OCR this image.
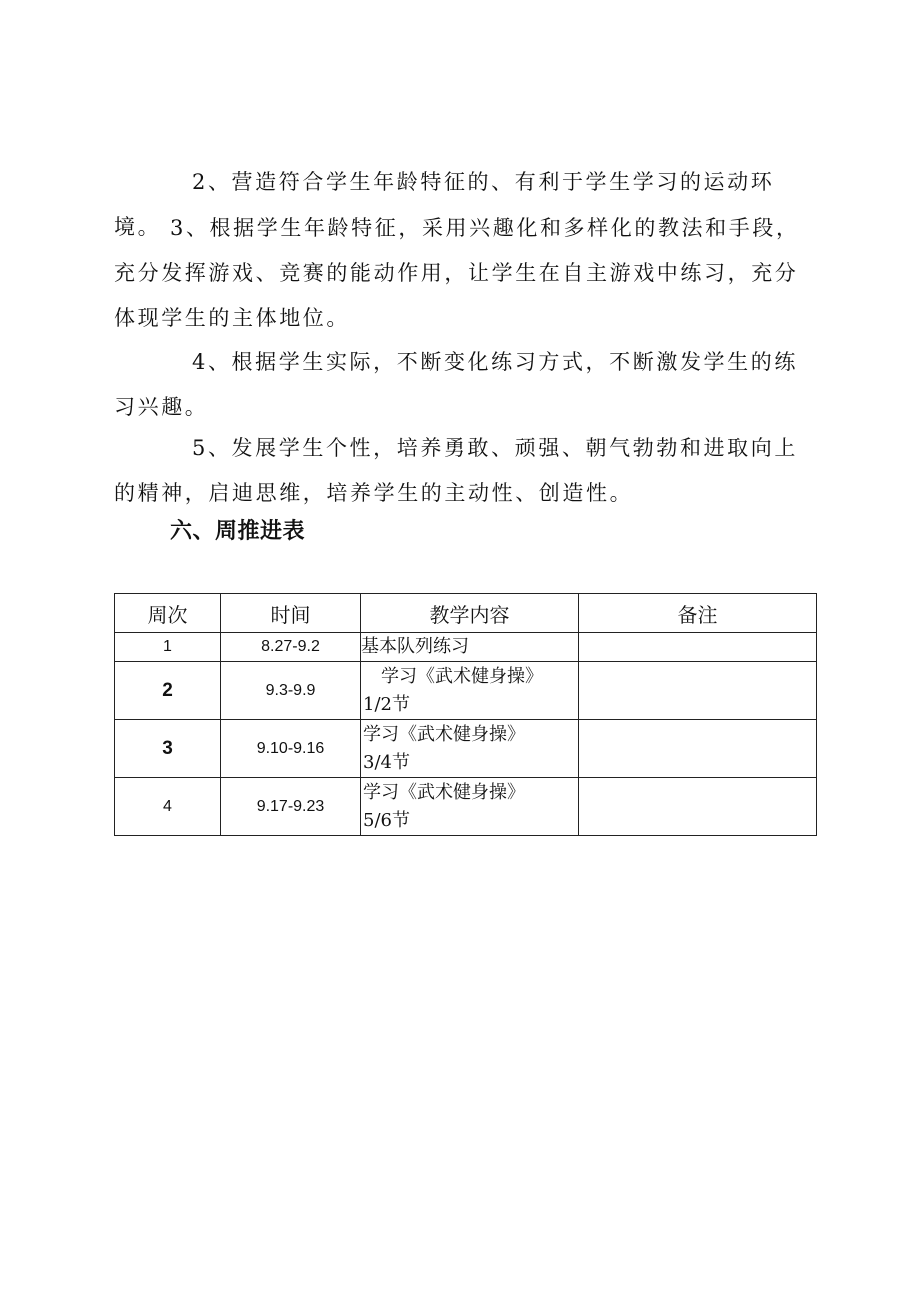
2、营造符合学生年龄特征的、有利于学生学习的运动环境。 3、根据学生年龄特征，采用兴趣化和多样化的教法和手段，充分发挥游戏、竞赛的能动作用，让学生在自主游戏中练习，充分体现学生的主体地位。

4、根据学生实际，不断变化练习方式，不断激发学生的练习兴趣。

5、发展学生个性，培养勇敢、顽强、朝气勃勃和进取向上的精神，启迪思维，培养学生的主动性、创造性。

六、周推进表
周次	时间	教学内容	备注
1	8.27-9.2	基本队列练习	

2	9.3-9.9	学习《武术健身操》
1/2节	

3	9.10-9.16	学习《武术健身操》
3/4节	

4	9.17-9.23	学习《武术健身操》
5/6节	
